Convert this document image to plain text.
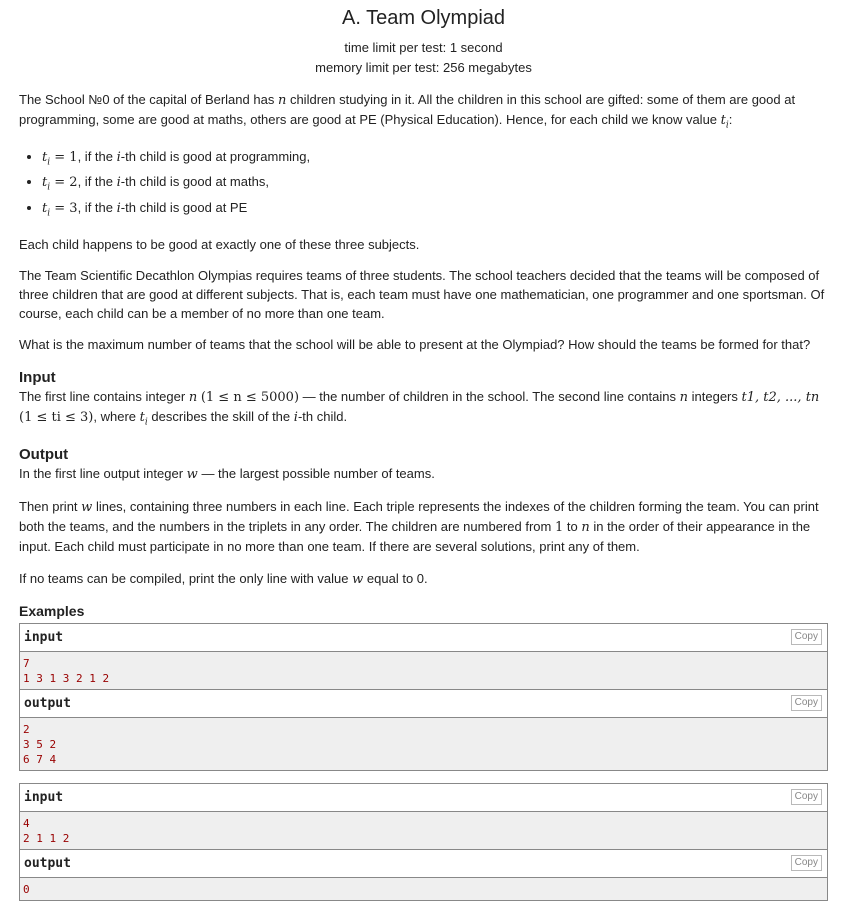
A. Team Olympiad
time limit per test: 1 second
memory limit per test: 256 megabytes

The School №0 of the capital of Berland has n children studying in it. All the children in this school are gifted: some of them are good at programming, some are good at maths, others are good at PE (Physical Education). Hence, for each child we know value $t_i$:

• $t_i = 1$, if the i-th child is good at programming,
• $t_i = 2$, if the i-th child is good at maths,
• $t_i = 3$, if the i-th child is good at PE

Each child happens to be good at exactly one of these three subjects.

The Team Scientific Decathlon Olympias requires teams of three students. The school teachers decided that the teams will be composed of three children that are good at different subjects. That is, each team must have one mathematician, one programmer and one sportsman. Of course, each child can be a member of no more than one team.

What is the maximum number of teams that the school will be able to present at the Olympiad? How should the teams be formed for that?

Input

The first line contains integer n (1 ≤ n ≤ 5000) — the number of children in the school. The second line contains n integers t1, t2, ..., tn (1 ≤ ti ≤ 3), where $t_i$ describes the skill of the i-th child.

Output

In the first line output integer w — the largest possible number of teams.

Then print w lines, containing three numbers in each line. Each triple represents the indexes of the children forming the team. You can print both the teams, and the numbers in the triplets in any order. The children are numbered from 1 to n in the order of their appearance in the input. Each child must participate in no more than one team. If there are several solutions, print any of them.

If no teams can be compiled, print the only line with value w equal to 0.

Examples
input	Copy
7
1 3 1 3 2 1 2
output	Copy
2
3 5 2
6 7 4
input	Copy
4
2 1 1 2
output	Copy
0
